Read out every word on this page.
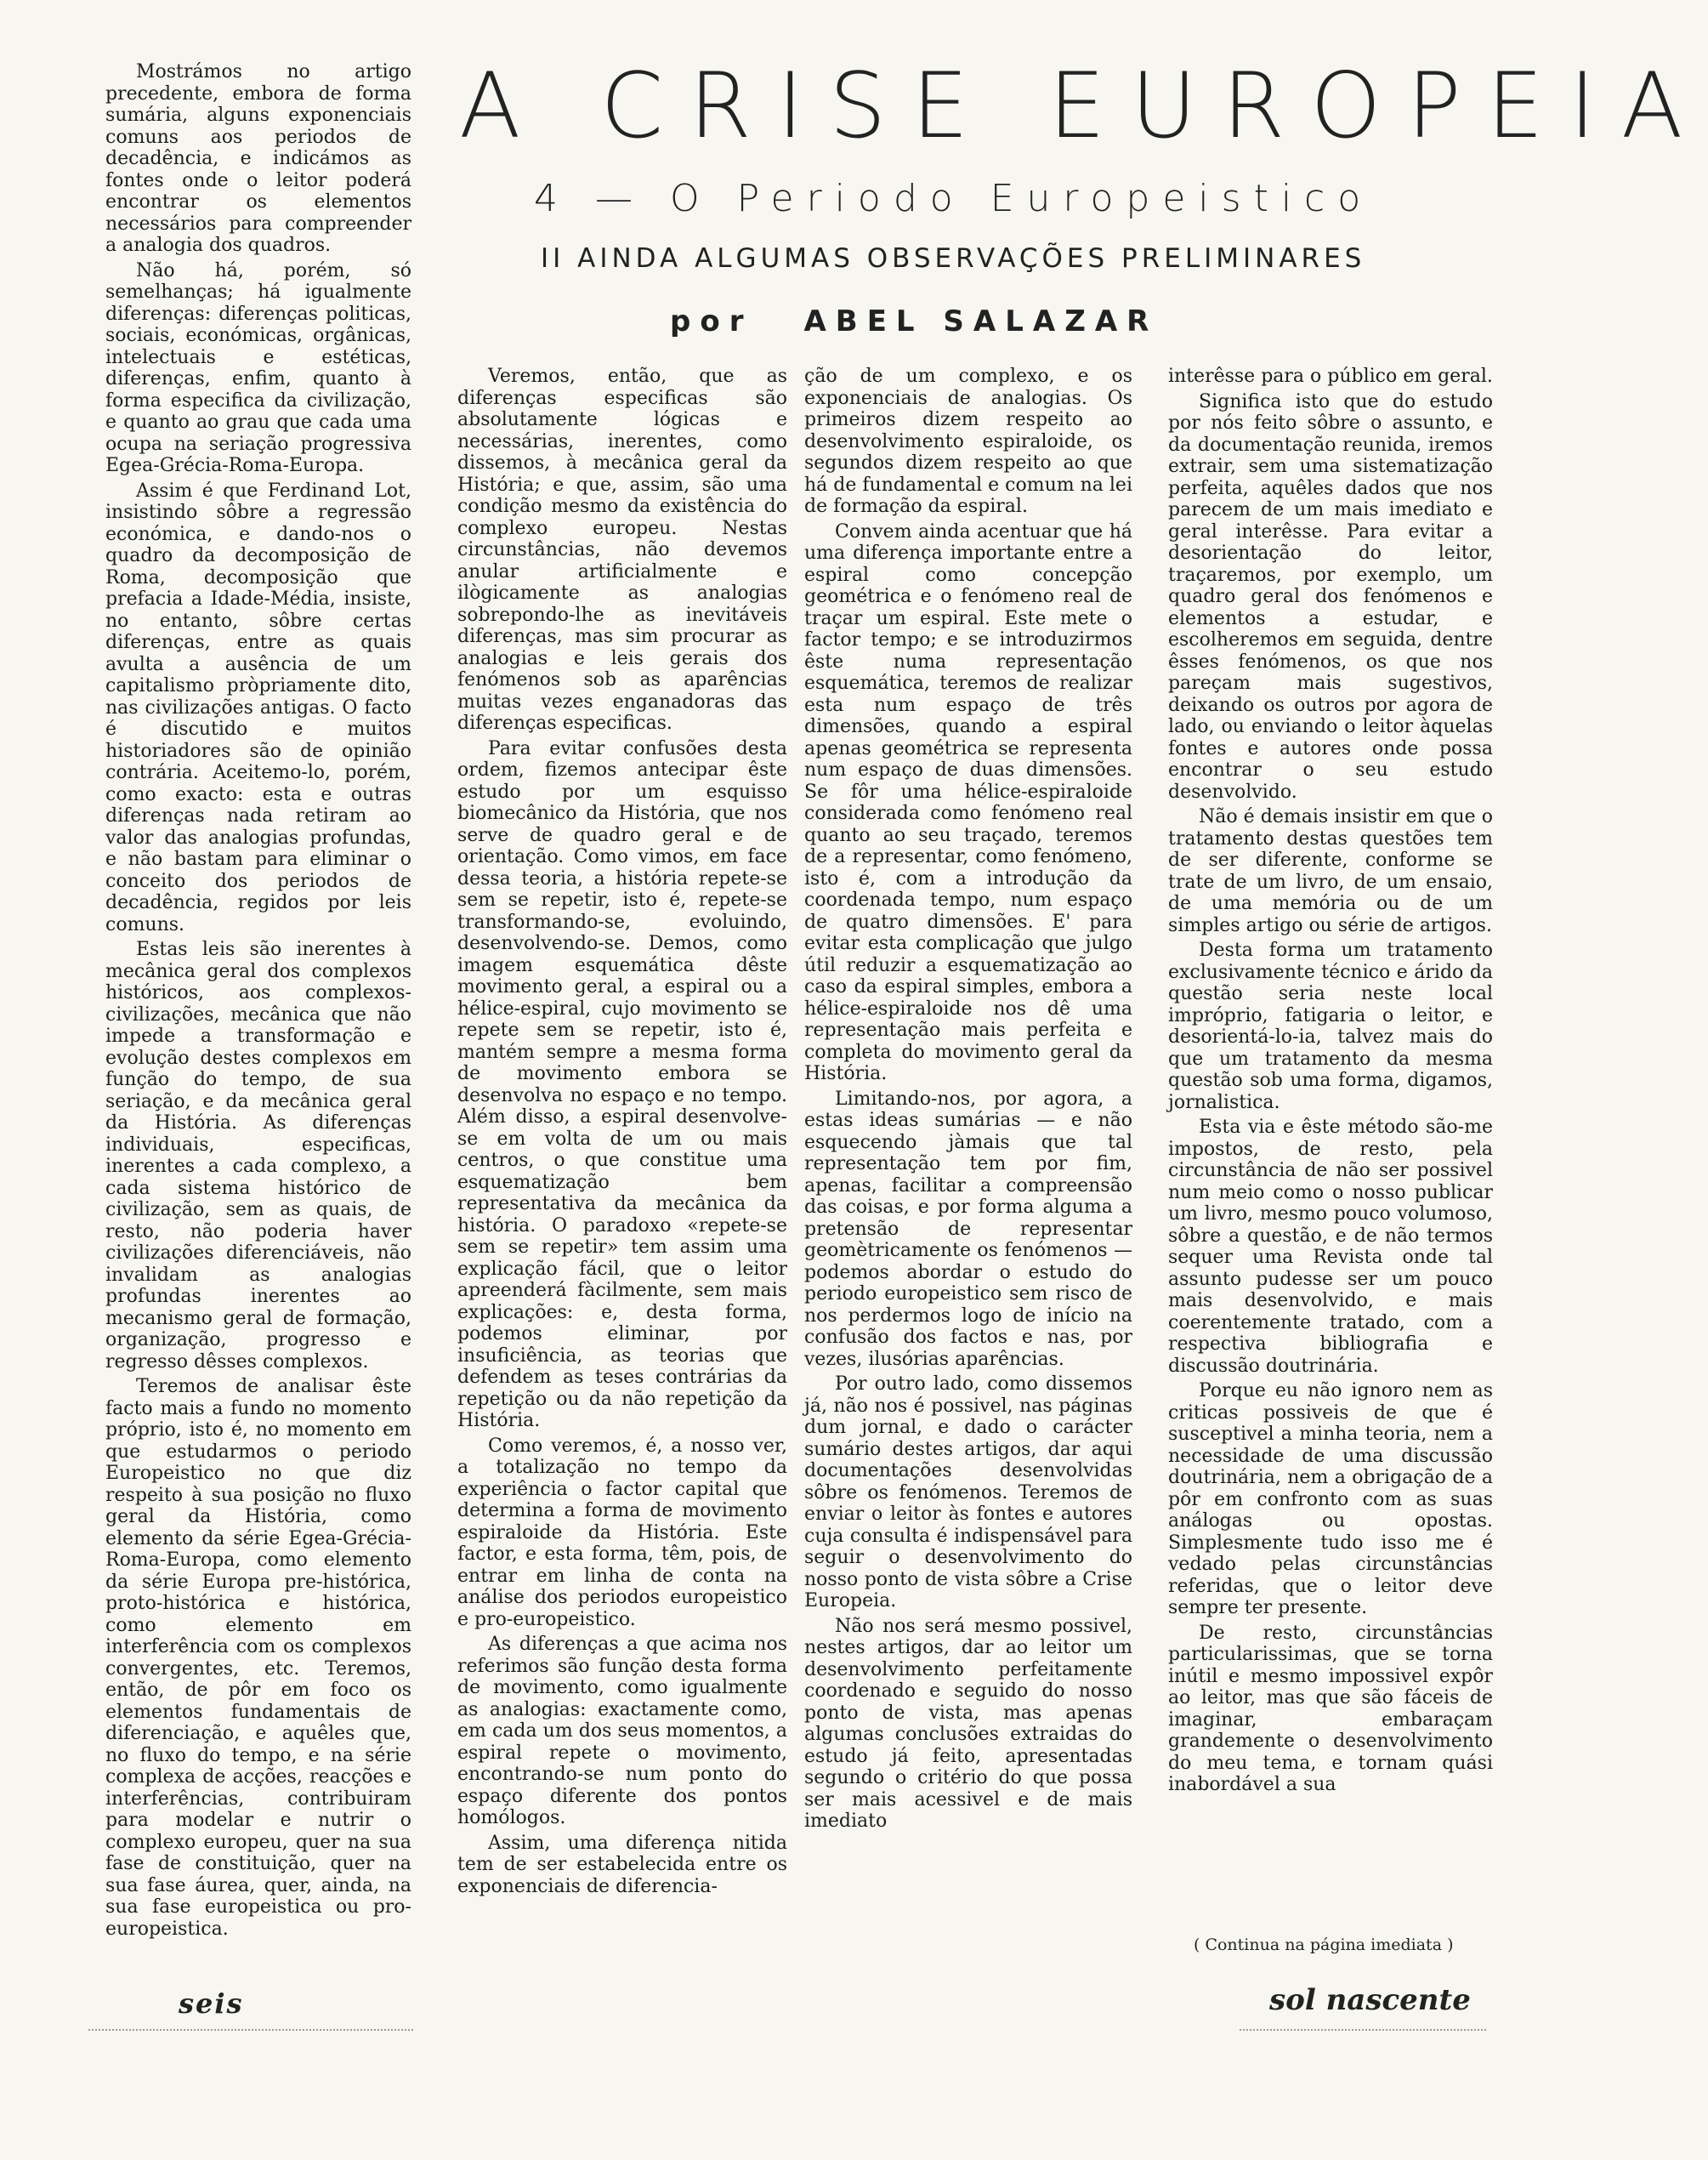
A CRISE EUROPEIA
4 — O Periodo Europeistico
II AINDA ALGUMAS OBSERVAÇÕES PRELIMINARES
por ABEL SALAZAR

Mostrámos no artigo precedente, embora de forma sumária, alguns exponenciais comuns aos periodos de decadência, e indicámos as fontes onde o leitor poderá encontrar os elementos necessários para compreender a analogia dos quadros.

Não há, porém, só semelhanças; há igualmente diferenças: diferenças politicas, sociais, económicas, orgânicas, intelectuais e estéticas, diferenças, enfim, quanto à forma especifica da civilização, e quanto ao grau que cada uma ocupa na seriação progressiva Egea-Grécia-Roma-Europa.

Assim é que Ferdinand Lot, insistindo sôbre a regressão económica, e dando-nos o quadro da decomposição de Roma, decomposição que prefacia a Idade-Média, insiste, no entanto, sôbre certas diferenças, entre as quais avulta a ausência de um capitalismo pròpriamente dito, nas civilizações antigas. O facto é discutido e muitos historiadores são de opinião contrária. Aceitemo-lo, porém, como exacto: esta e outras diferenças nada retiram ao valor das analogias profundas, e não bastam para eliminar o conceito dos periodos de decadência, regidos por leis comuns.

Estas leis são inerentes à mecânica geral dos complexos históricos, aos complexos-civilizações, mecânica que não impede a transformação e evolução destes complexos em função do tempo, de sua seriação, e da mecânica geral da História. As diferenças individuais, especificas, inerentes a cada complexo, a cada sistema histórico de civilização, sem as quais, de resto, não poderia haver civilizações diferenciáveis, não invalidam as analogias profundas inerentes ao mecanismo geral de formação, organização, progresso e regresso dêsses complexos.

Teremos de analisar êste facto mais a fundo no momento próprio, isto é, no momento em que estudarmos o periodo Europeistico no que diz respeito à sua posição no fluxo geral da História, como elemento da série Egea-Grécia-Roma-Europa, como elemento da série Europa pre-histórica, proto-histórica e histórica, como elemento em interferência com os complexos convergentes, etc. Teremos, então, de pôr em foco os elementos fundamentais de diferenciação, e aquêles que, no fluxo do tempo, e na série complexa de acções, reacções e interferências, contribuiram para modelar e nutrir o complexo europeu, quer na sua fase de constituição, quer na sua fase áurea, quer, ainda, na sua fase europeistica ou pro-europeistica.

Veremos, então, que as diferenças especificas são absolutamente lógicas e necessárias, inerentes, como dissemos, à mecânica geral da História; e que, assim, são uma condição mesmo da existência do complexo europeu. Nestas circunstâncias, não devemos anular artificialmente e ilògicamente as analogias sobrepondo-lhe as inevitáveis diferenças, mas sim procurar as analogias e leis gerais dos fenómenos sob as aparências muitas vezes enganadoras das diferenças especificas.

Para evitar confusões desta ordem, fizemos antecipar êste estudo por um esquisso biomecânico da História, que nos serve de quadro geral e de orientação. Como vimos, em face dessa teoria, a história repete-se sem se repetir, isto é, repete-se transformando-se, evoluindo, desenvolvendo-se. Demos, como imagem esquemática dêste movimento geral, a espiral ou a hélice-espiral, cujo movimento se repete sem se repetir, isto é, mantém sempre a mesma forma de movimento embora se desenvolva no espaço e no tempo. Além disso, a espiral desenvolve-se em volta de um ou mais centros, o que constitue uma esquematização bem representativa da mecânica da história. O paradoxo «repete-se sem se repetir» tem assim uma explicação fácil, que o leitor apreenderá fàcilmente, sem mais explicações: e, desta forma, podemos eliminar, por insuficiência, as teorias que defendem as teses contrárias da repetição ou da não repetição da História.

Como veremos, é, a nosso ver, a totalização no tempo da experiência o factor capital que determina a forma de movimento espiraloide da História. Este factor, e esta forma, têm, pois, de entrar em linha de conta na análise dos periodos europeistico e pro-europeistico.

As diferenças a que acima nos referimos são função desta forma de movimento, como igualmente as analogias: exactamente como, em cada um dos seus momentos, a espiral repete o movimento, encontrando-se num ponto do espaço diferente dos pontos homólogos.

Assim, uma diferença nitida tem de ser estabelecida entre os exponenciais de diferencia-

ção de um complexo, e os exponenciais de analogias. Os primeiros dizem respeito ao desenvolvimento espiraloide, os segundos dizem respeito ao que há de fundamental e comum na lei de formação da espiral.

Convem ainda acentuar que há uma diferença importante entre a espiral como concepção geométrica e o fenómeno real de traçar um espiral. Este mete o factor tempo; e se introduzirmos êste numa representação esquemática, teremos de realizar esta num espaço de três dimensões, quando a espiral apenas geométrica se representa num espaço de duas dimensões. Se fôr uma hélice-espiraloide considerada como fenómeno real quanto ao seu traçado, teremos de a representar, como fenómeno, isto é, com a introdução da coordenada tempo, num espaço de quatro dimensões. E' para evitar esta complicação que julgo útil reduzir a esquematização ao caso da espiral simples, embora a hélice-espiraloide nos dê uma representação mais perfeita e completa do movimento geral da História.

Limitando-nos, por agora, a estas ideas sumárias — e não esquecendo jàmais que tal representação tem por fim, apenas, facilitar a compreensão das coisas, e por forma alguma a pretensão de representar geomètricamente os fenómenos — podemos abordar o estudo do periodo europeistico sem risco de nos perdermos logo de início na confusão dos factos e nas, por vezes, ilusórias aparências.

Por outro lado, como dissemos já, não nos é possivel, nas páginas dum jornal, e dado o carácter sumário destes artigos, dar aqui documentações desenvolvidas sôbre os fenómenos. Teremos de enviar o leitor às fontes e autores cuja consulta é indispensável para seguir o desenvolvimento do nosso ponto de vista sôbre a Crise Europeia.

Não nos será mesmo possivel, nestes artigos, dar ao leitor um desenvolvimento perfeitamente coordenado e seguido do nosso ponto de vista, mas apenas algumas conclusões extraidas do estudo já feito, apresentadas segundo o critério do que possa ser mais acessivel e de mais imediato

interêsse para o público em geral.

Significa isto que do estudo por nós feito sôbre o assunto, e da documentação reunida, iremos extrair, sem uma sistematização perfeita, aquêles dados que nos parecem de um mais imediato e geral interêsse. Para evitar a desorientação do leitor, traçaremos, por exemplo, um quadro geral dos fenómenos e elementos a estudar, e escolheremos em seguida, dentre êsses fenómenos, os que nos pareçam mais sugestivos, deixando os outros por agora de lado, ou enviando o leitor àquelas fontes e autores onde possa encontrar o seu estudo desenvolvido.

Não é demais insistir em que o tratamento destas questões tem de ser diferente, conforme se trate de um livro, de um ensaio, de uma memória ou de um simples artigo ou série de artigos.

Desta forma um tratamento exclusivamente técnico e árido da questão seria neste local impróprio, fatigaria o leitor, e desorientá-lo-ia, talvez mais do que um tratamento da mesma questão sob uma forma, digamos, jornalistica.

Esta via e êste método são-me impostos, de resto, pela circunstância de não ser possivel num meio como o nosso publicar um livro, mesmo pouco volumoso, sôbre a questão, e de não termos sequer uma Revista onde tal assunto pudesse ser um pouco mais desenvolvido, e mais coerentemente tratado, com a respectiva bibliografia e discussão doutrinária.

Porque eu não ignoro nem as criticas possiveis de que é susceptivel a minha teoria, nem a necessidade de uma discussão doutrinária, nem a obrigação de a pôr em confronto com as suas análogas ou opostas. Simplesmente tudo isso me é vedado pelas circunstâncias referidas, que o leitor deve sempre ter presente.

De resto, circunstâncias particularissimas, que se torna inútil e mesmo impossivel expôr ao leitor, mas que são fáceis de imaginar, embaraçam grandemente o desenvolvimento do meu tema, e tornam quási inabordável a sua

( Continua na página imediata )
seis	sol nascente
